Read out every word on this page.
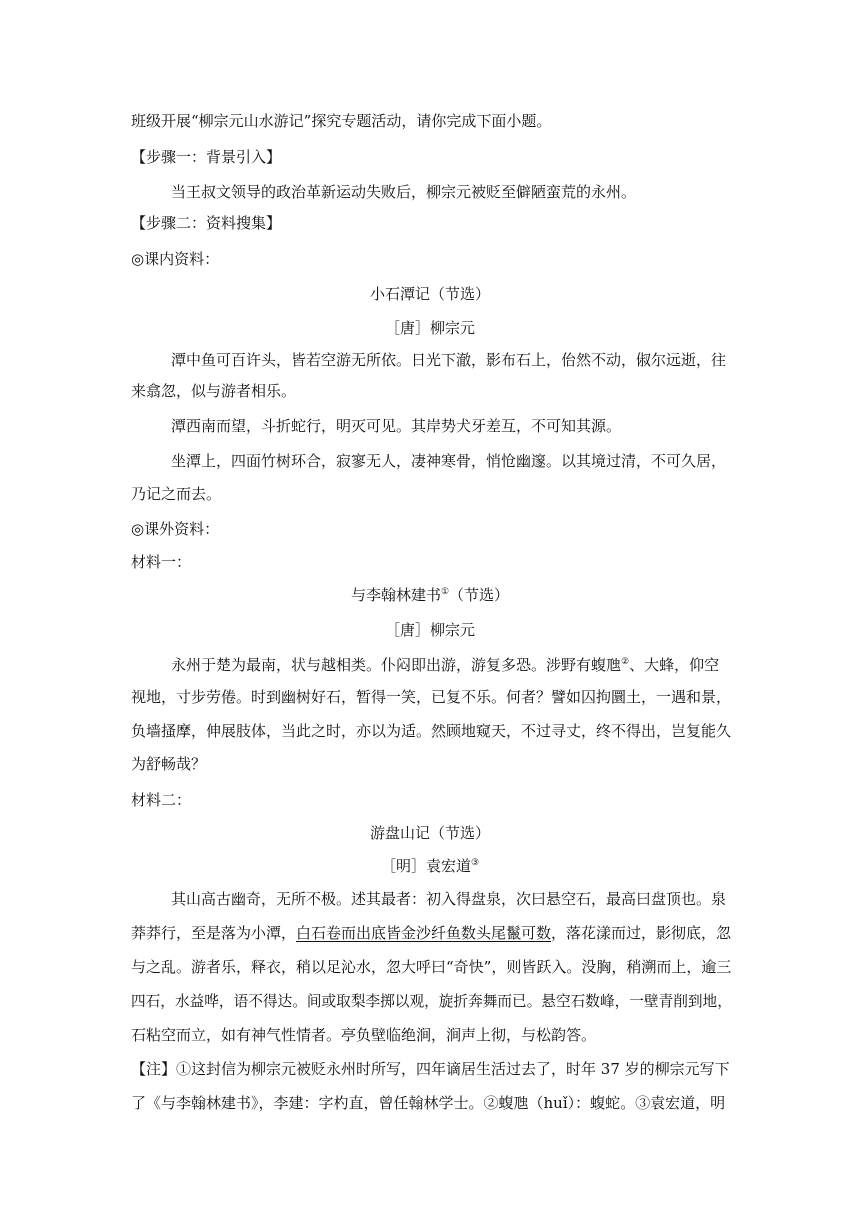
班级开展“柳宗元山水游记”探究专题活动，请你完成下面小题。
【步骤一：背景引入】
当王叔文领导的政治革新运动失败后，柳宗元被贬至僻陋蛮荒的永州。
【步骤二：资料搜集】
◎课内资料：
小石潭记（节选）
［唐］柳宗元
潭中鱼可百许头，皆若空游无所依。日光下澈，影布石上，佁然不动，俶尔远逝，往
来翕忽，似与游者相乐。
潭西南而望，斗折蛇行，明灭可见。其岸势犬牙差互，不可知其源。
坐潭上，四面竹树环合，寂寥无人，凄神寒骨，悄怆幽邃。以其境过清，不可久居，
乃记之而去。
◎课外资料：
材料一：
与李翰林建书①（节选）
［唐］柳宗元
永州于楚为最南，状与越相类。仆闷即出游，游复多恐。涉野有蝮虺②、大蜂，仰空
视地，寸步劳倦。时到幽树好石，暂得一笑，已复不乐。何者？譬如囚拘圜土，一遇和景，
负墙搔摩，伸展肢体，当此之时，亦以为适。然顾地窥天，不过寻丈，终不得出，岂复能久
为舒畅哉？
材料二：
游盘山记（节选）
［明］袁宏道③
其山高古幽奇，无所不极。述其最者：初入得盘泉，次曰悬空石，最高曰盘顶也。泉
莽莽行，至是落为小潭，白石卷而出底皆金沙纤鱼数头尾鬣可数，落花漾而过，影彻底，忽
与之乱。游者乐，释衣，稍以足沁水，忽大呼曰“奇快”，则皆跃入。没胸，稍溯而上，逾三
四石，水益哗，语不得达。间或取梨李掷以观，旋折奔舞而已。悬空石数峰，一壁青削到地，
石粘空而立，如有神气性情者。亭负壁临绝涧，涧声上彻，与松韵答。
【注】①这封信为柳宗元被贬永州时所写，四年谪居生活过去了，时年 37 岁的柳宗元写下
了《与李翰林建书》，李建：字杓直，曾任翰林学士。②蝮虺（huǐ）：蝮蛇。③袁宏道，明
